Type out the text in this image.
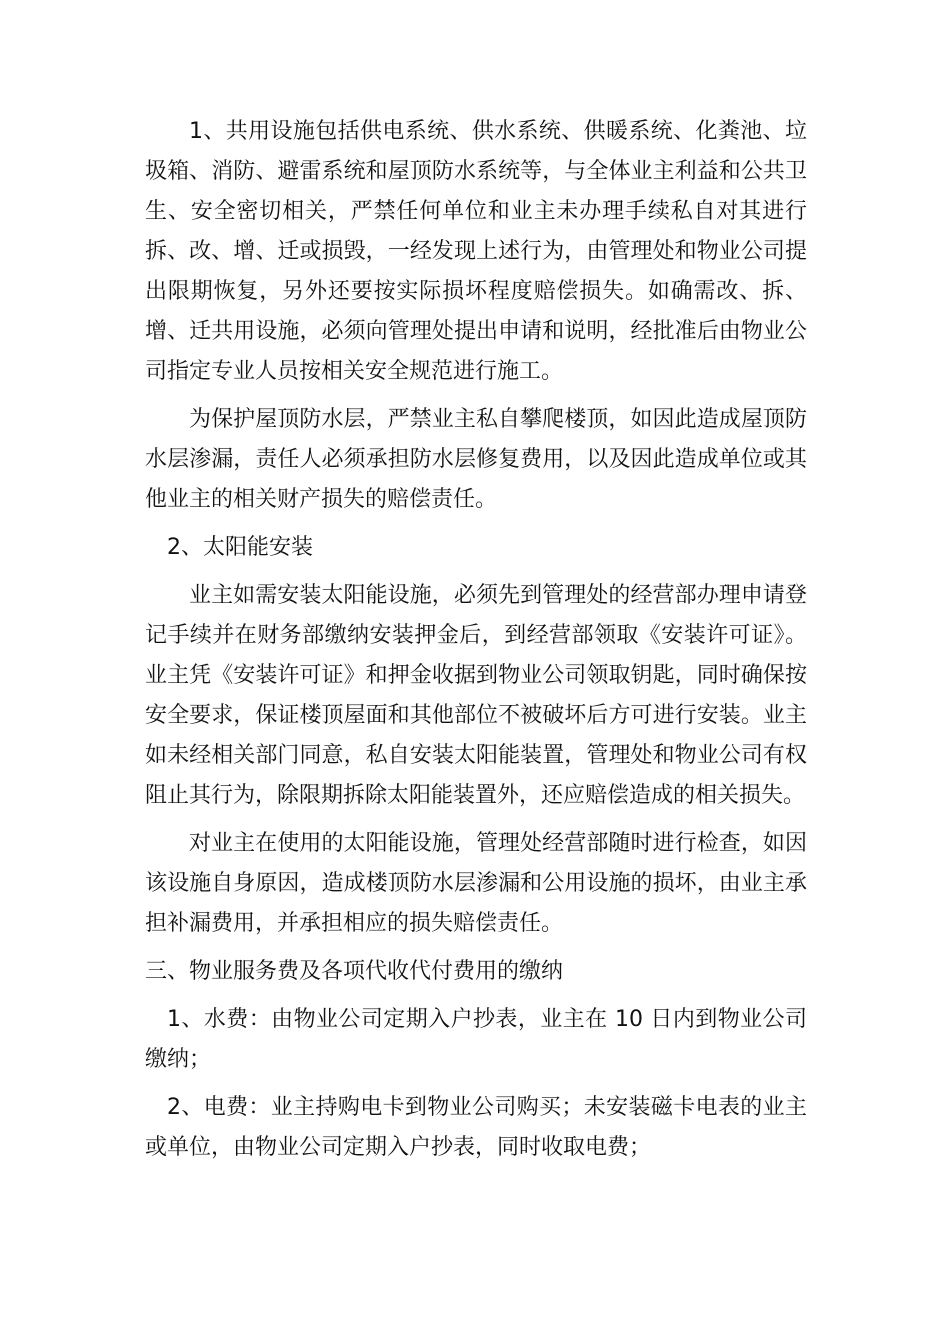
1、共用设施包括供电系统、供水系统、供暖系统、化粪池、垃圾箱、消防、避雷系统和屋顶防水系统等，与全体业主利益和公共卫生、安全密切相关，严禁任何单位和业主未办理手续私自对其进行拆、改、增、迁或损毁，一经发现上述行为，由管理处和物业公司提出限期恢复，另外还要按实际损坏程度赔偿损失。如确需改、拆、增、迁共用设施，必须向管理处提出申请和说明，经批准后由物业公司指定专业人员按相关安全规范进行施工。

为保护屋顶防水层，严禁业主私自攀爬楼顶，如因此造成屋顶防水层渗漏，责任人必须承担防水层修复费用，以及因此造成单位或其他业主的相关财产损失的赔偿责任。

2、太阳能安装

业主如需安装太阳能设施，必须先到管理处的经营部办理申请登记手续并在财务部缴纳安装押金后，到经营部领取《安装许可证》。业主凭《安装许可证》和押金收据到物业公司领取钥匙，同时确保按安全要求，保证楼顶屋面和其他部位不被破坏后方可进行安装。业主如未经相关部门同意，私自安装太阳能装置，管理处和物业公司有权阻止其行为，除限期拆除太阳能装置外，还应赔偿造成的相关损失。

对业主在使用的太阳能设施，管理处经营部随时进行检查，如因该设施自身原因，造成楼顶防水层渗漏和公用设施的损坏，由业主承担补漏费用，并承担相应的损失赔偿责任。

三、物业服务费及各项代收代付费用的缴纳

1、水费：由物业公司定期入户抄表，业主在 10 日内到物业公司缴纳；

2、电费：业主持购电卡到物业公司购买；未安装磁卡电表的业主或单位，由物业公司定期入户抄表，同时收取电费；
